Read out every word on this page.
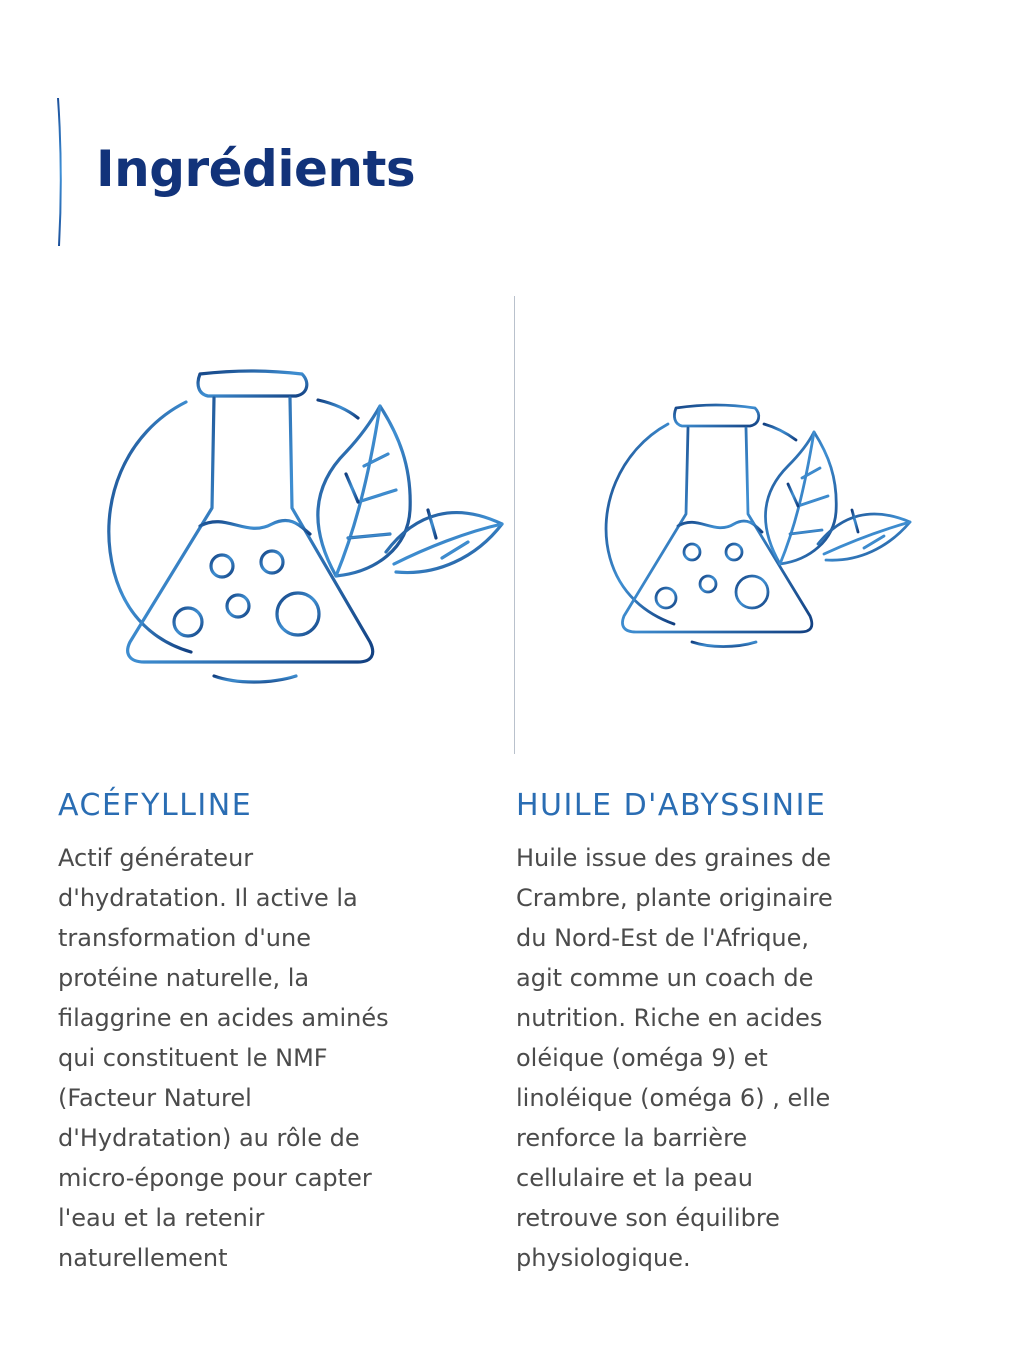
Ingrédients
ACÉFYLLINE

Actif générateur d'hydratation. Il active la transformation d'une protéine naturelle, la filaggrine en acides aminés qui constituent le NMF (Facteur Naturel d'Hydratation) au rôle de micro-éponge pour capter l'eau et la retenir naturellement

HUILE D'ABYSSINIE

Huile issue des graines de Crambre, plante originaire du Nord-Est de l'Afrique, agit comme un coach de nutrition. Riche en acides oléique (oméga 9) et linoléique (oméga 6) , elle renforce la barrière cellulaire et la peau retrouve son équilibre physiologique.
